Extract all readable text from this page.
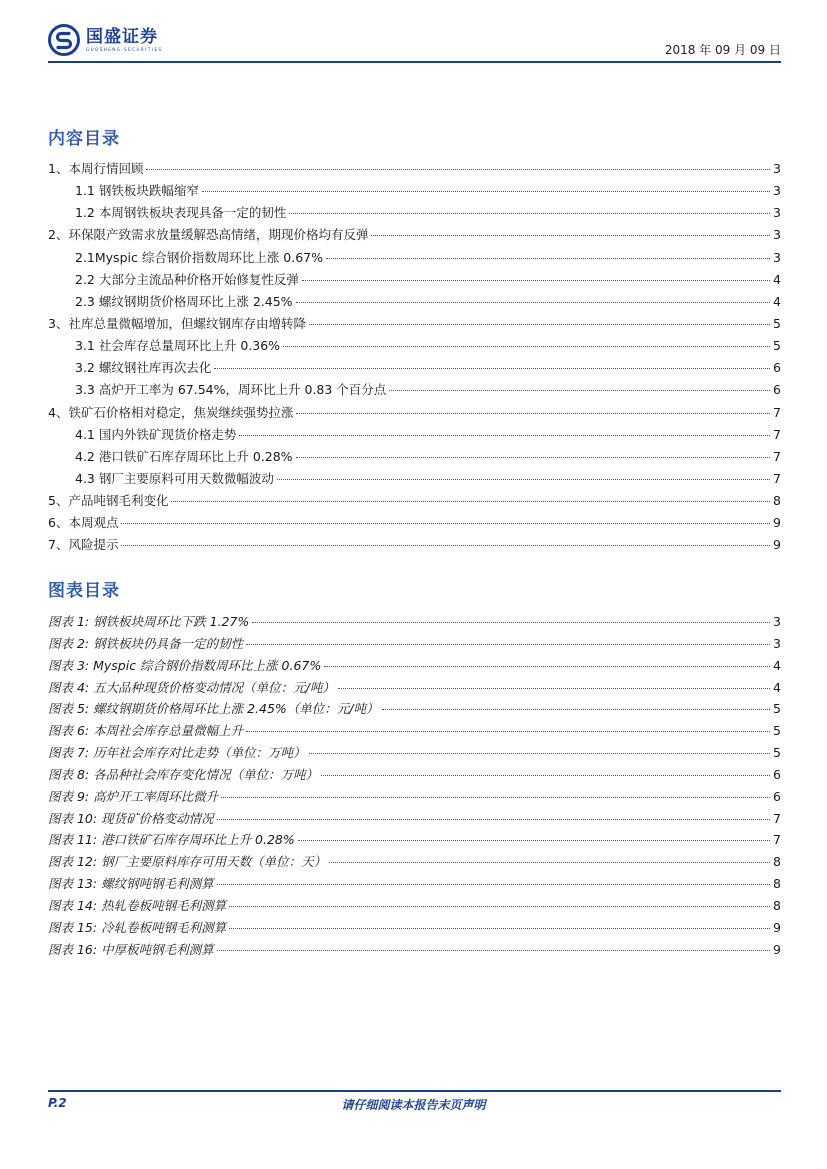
国盛证券
GUOSHENG SECURITIES	2018 年 09 月 09 日
内容目录
1、本周行情回顾	3
1.1 钢铁板块跌幅缩窄	3
1.2 本周钢铁板块表现具备一定的韧性	3
2、环保限产致需求放量缓解恐高情绪，期现价格均有反弹	3
2.1Myspic 综合钢价指数周环比上涨 0.67%	3
2.2 大部分主流品种价格开始修复性反弹	4
2.3 螺纹钢期货价格周环比上涨 2.45%	4
3、社库总量微幅增加，但螺纹钢库存由增转降	5
3.1 社会库存总量周环比上升 0.36%	5
3.2 螺纹钢社库再次去化	6
3.3 高炉开工率为 67.54%，周环比上升 0.83 个百分点	6
4、铁矿石价格相对稳定，焦炭继续强势拉涨	7
4.1 国内外铁矿现货价格走势	7
4.2 港口铁矿石库存周环比上升 0.28%	7
4.3 钢厂主要原料可用天数微幅波动	7
5、产品吨钢毛利变化	8
6、本周观点	9
7、风险提示	9
图表目录
图表 1: 钢铁板块周环比下跌 1.27%	3
图表 2: 钢铁板块仍具备一定的韧性	3
图表 3: Myspic 综合钢价指数周环比上涨 0.67%	4
图表 4: 五大品种现货价格变动情况（单位：元/吨）	4
图表 5: 螺纹钢期货价格周环比上涨 2.45%（单位：元/吨）	5
图表 6: 本周社会库存总量微幅上升	5
图表 7: 历年社会库存对比走势（单位：万吨）	5
图表 8: 各品种社会库存变化情况（单位：万吨）	6
图表 9: 高炉开工率周环比微升	6
图表 10: 现货矿价格变动情况	7
图表 11: 港口铁矿石库存周环比上升 0.28%	7
图表 12: 钢厂主要原料库存可用天数（单位：天）	8
图表 13: 螺纹钢吨钢毛利测算	8
图表 14: 热轧卷板吨钢毛利测算	8
图表 15: 冷轧卷板吨钢毛利测算	9
图表 16: 中厚板吨钢毛利测算	9
P.2	请仔细阅读本报告末页声明
